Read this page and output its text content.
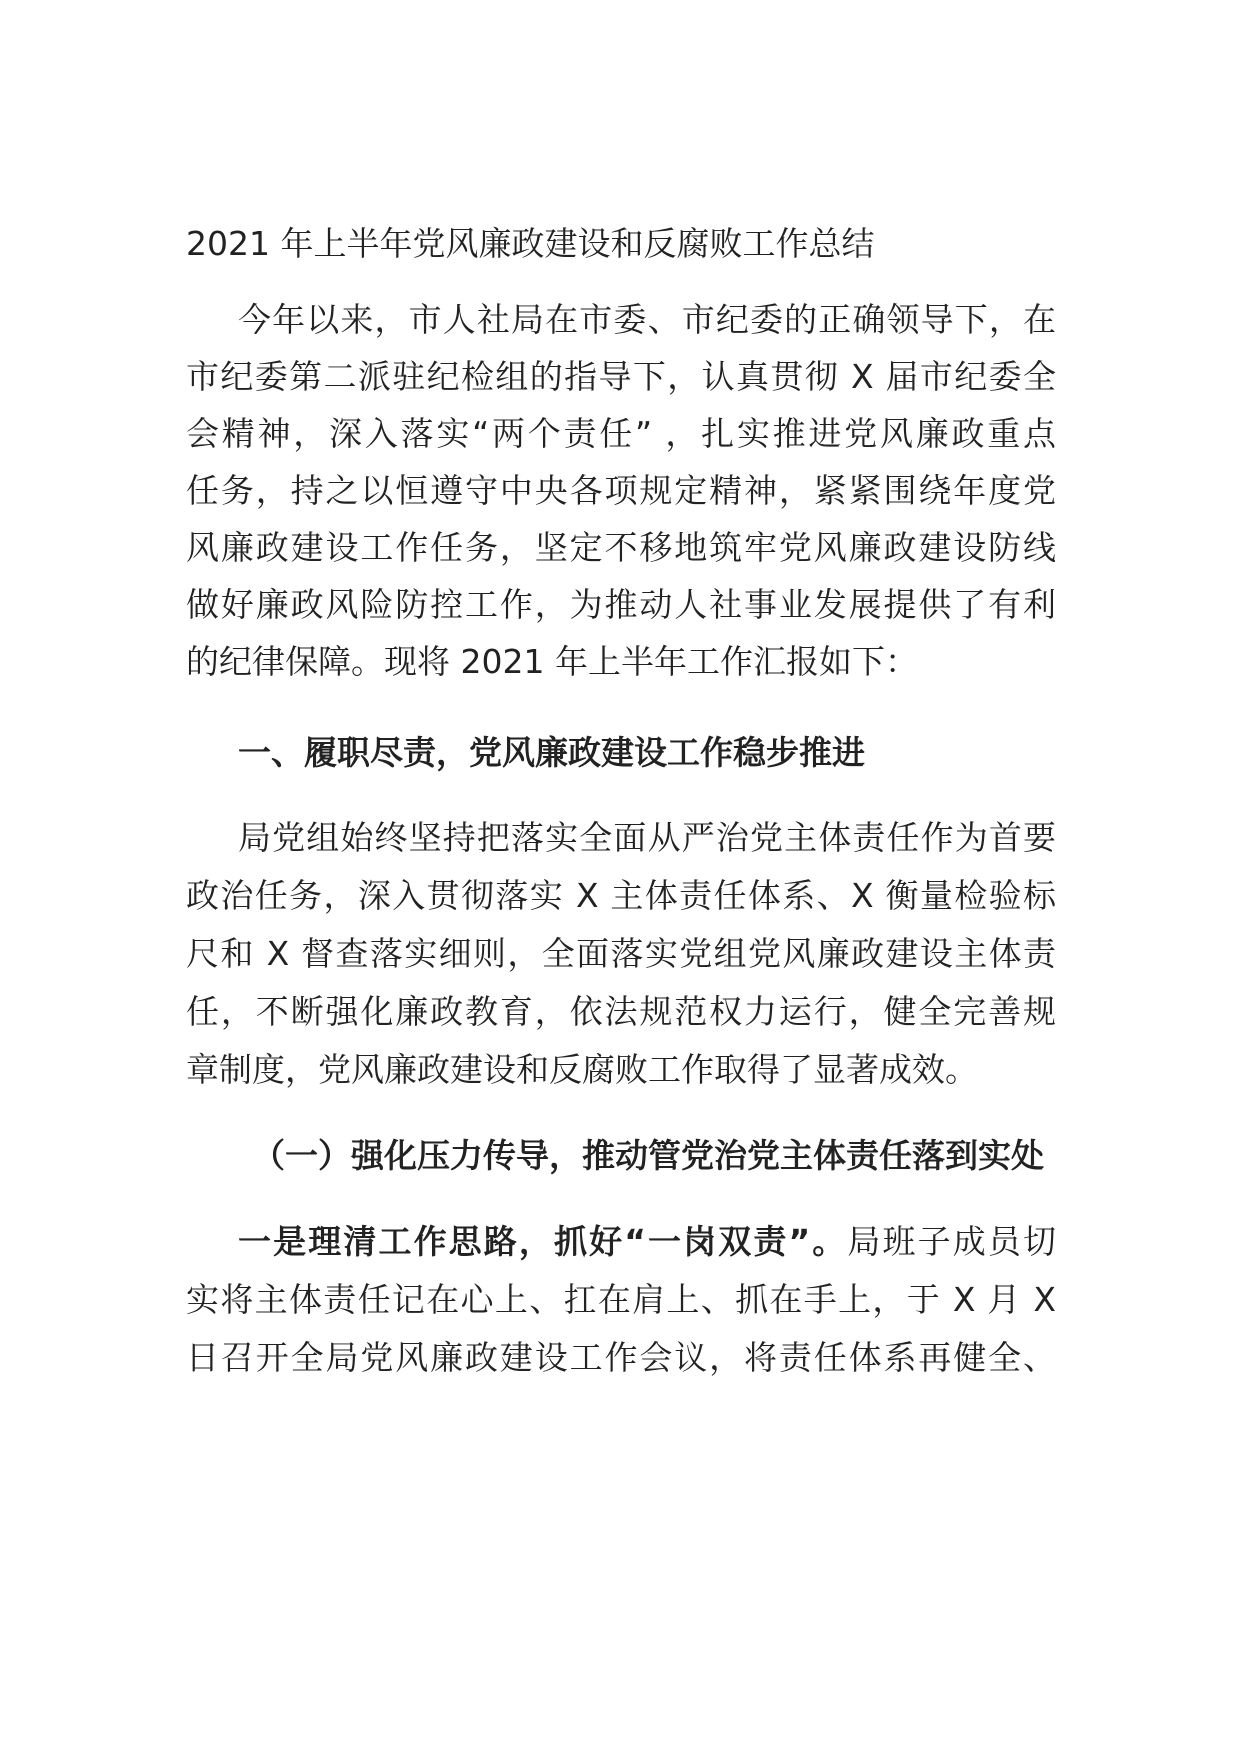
2021 年上半年党风廉政建设和反腐败工作总结
今年以来，市人社局在市委、市纪委的正确领导下，在
市纪委第二派驻纪检组的指导下，认真贯彻 X 届市纪委全
会精神，深入落实“两个责任” ，扎实推进党风廉政重点
任务，持之以恒遵守中央各项规定精神，紧紧围绕年度党
风廉政建设工作任务，坚定不移地筑牢党风廉政建设防线
做好廉政风险防控工作，为推动人社事业发展提供了有利
的纪律保障。现将 2021 年上半年工作汇报如下：
一、履职尽责，党风廉政建设工作稳步推进
局党组始终坚持把落实全面从严治党主体责任作为首要
政治任务，深入贯彻落实 X 主体责任体系、X 衡量检验标
尺和 X 督查落实细则，全面落实党组党风廉政建设主体责
任，不断强化廉政教育，依法规范权力运行，健全完善规
章制度，党风廉政建设和反腐败工作取得了显著成效。
（一）强化压力传导，推动管党治党主体责任落到实处
一是理清工作思路，抓好“一岗双责”。局班子成员切
实将主体责任记在心上、扛在肩上、抓在手上，于 X 月 X
日召开全局党风廉政建设工作会议，将责任体系再健全、
